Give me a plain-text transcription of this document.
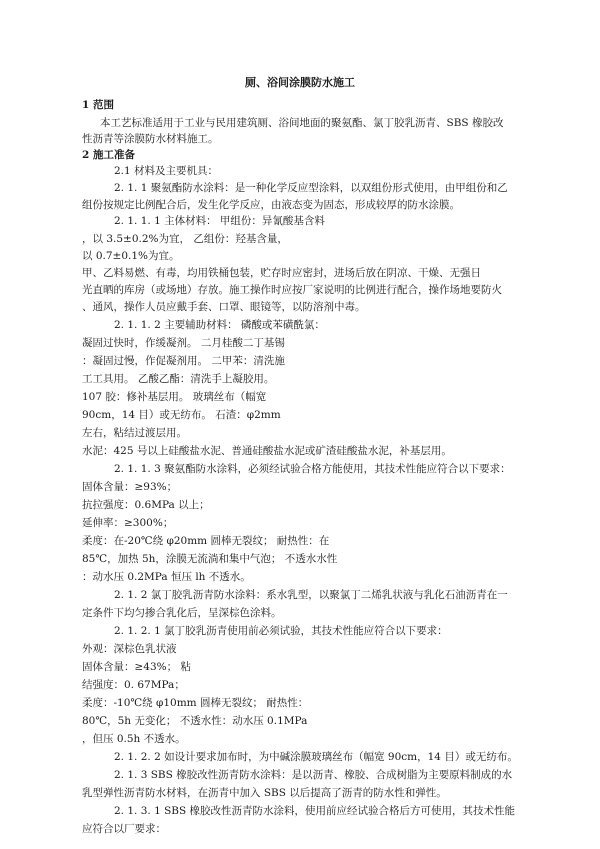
厕、浴间涂膜防水施工
1 范围
本工艺标准适用于工业与民用建筑厕、浴间地面的聚氨酯、氯丁胶乳沥青、SBS 橡胶改
性沥青等涂膜防水材料施工。
2 施工准备
2.1 材料及主要机具：
2. 1. 1 聚氨酯防水涂料：是一种化学反应型涂料，以双组份形式使用，由甲组份和乙
组份按规定比例配合后，发生化学反应，由液态变为固态，形成较厚的防水涂膜。
2. 1. 1. 1 主体材料： 甲组份：异氰酸基含料
，以 3.5±0.2%为宜， 乙组份：羟基含量，
以 0.7±0.1%为宜。
甲、乙料易燃、有毒，均用铁桶包装，贮存时应密封，进场后放在阴凉、干燥、无强日
光直晒的库房（或场地）存放。施工操作时应按厂家说明的比例进行配合，操作场地要防火
、通风，操作人员应戴手套、口罩、眼镜等，以防溶剂中毒。
2. 1. 1. 2 主要辅助材料： 磷酸或苯磺酰氯：
凝固过快时，作缓凝剂。 二月桂酸二丁基锡
：凝固过慢，作促凝剂用。 二甲苯：清洗施
工工具用。 乙酸乙酯：清洗手上凝胶用。
107 胶：修补基层用。 玻璃丝布（幅宽
90cm，14 目）或无纺布。 石渣：φ2mm
左右，粘结过渡层用。
水泥：425 号以上硅酸盐水泥、普通硅酸盐水泥或矿渣硅酸盐水泥，补基层用。
2. 1. 1. 3 聚氨酯防水涂料，必须经试验合格方能使用，其技术性能应符合以下要求：
固体含量：≥93%；
抗拉强度：0.6MPa 以上；
延伸率：≥300%；
柔度：在-20℃绕 φ20mm 圆棒无裂纹； 耐热性：在
85℃，加热 5h，涂膜无流淌和集中气泡； 不透水水性
：动水压 0.2MPa 恒压 lh 不透水。
2. 1. 2 氯丁胶乳沥青防水涂料：系水乳型，以聚氯丁二烯乳状液与乳化石油沥青在一
定条件下均匀掺合乳化后，呈深棕色涂料。
2. 1. 2. 1 氯丁胶乳沥青使用前必须试验，其技术性能应符合以下要求：
外观：深棕色乳状液
固体含量：≥43%； 粘
结强度：0. 67MPa；
柔度：-10℃绕 φ10mm 圆棒无裂纹； 耐热性：
80℃，5h 无变化； 不透水性：动水压 0.1MPa
，但压 0.5h 不透水。
2. 1. 2. 2 如设计要求加布时，为中碱涂膜玻璃丝布（幅宽 90cm，14 目）或无纺布。
2. 1. 3 SBS 橡胶改性沥青防水涂料：是以沥青、橡胶、合成树脂为主要原料制成的水
乳型弹性沥青防水材料，在沥青中加入 SBS 以后提高了沥青的防水性和弹性。
2. 1. 3. 1 SBS 橡胶改性沥青防水涂料，使用前应经试验合格后方可使用，其技术性能
应符合以厂要求：
